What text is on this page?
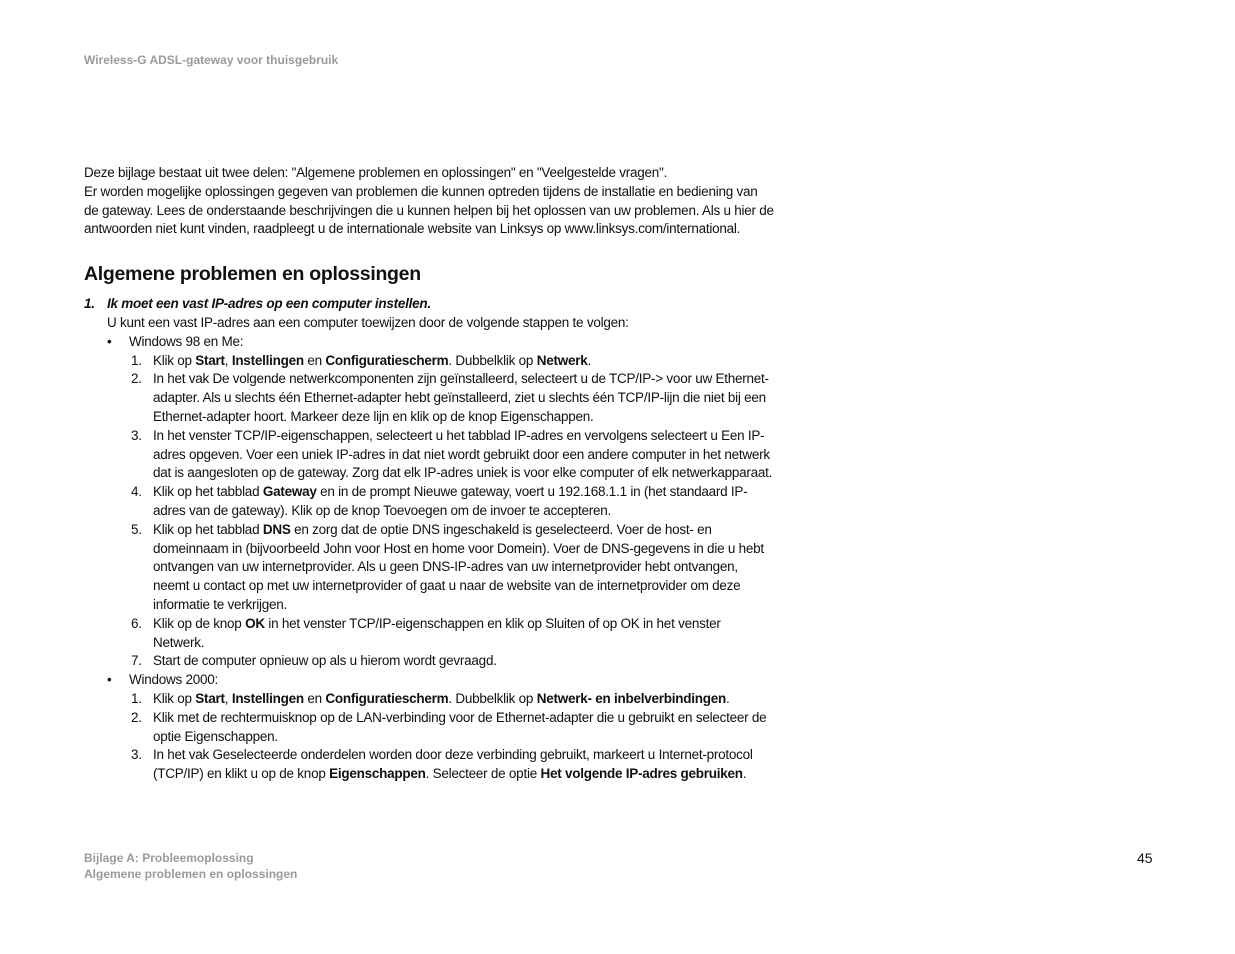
Wireless-G ADSL-gateway voor thuisgebruik

Deze bijlage bestaat uit twee delen: "Algemene problemen en oplossingen" en "Veelgestelde vragen".

Er worden mogelijke oplossingen gegeven van problemen die kunnen optreden tijdens de installatie en bediening van de gateway. Lees de onderstaande beschrijvingen die u kunnen helpen bij het oplossen van uw problemen. Als u hier de antwoorden niet kunt vinden, raadpleegt u de internationale website van Linksys op www.linksys.com/international.

Algemene problemen en oplossingen
1. Ik moet een vast IP-adres op een computer instellen.
U kunt een vast IP-adres aan een computer toewijzen door de volgende stappen te volgen:
• Windows 98 en Me:
1. Klik op Start, Instellingen en Configuratiescherm. Dubbelklik op Netwerk.
2. In het vak De volgende netwerkcomponenten zijn geïnstalleerd, selecteert u de TCP/IP-> voor uw Ethernet-adapter. Als u slechts één Ethernet-adapter hebt geïnstalleerd, ziet u slechts één TCP/IP-lijn die niet bij een Ethernet-adapter hoort. Markeer deze lijn en klik op de knop Eigenschappen.
3. In het venster TCP/IP-eigenschappen, selecteert u het tabblad IP-adres en vervolgens selecteert u Een IP-adres opgeven. Voer een uniek IP-adres in dat niet wordt gebruikt door een andere computer in het netwerk dat is aangesloten op de gateway. Zorg dat elk IP-adres uniek is voor elke computer of elk netwerkapparaat.
4. Klik op het tabblad Gateway en in de prompt Nieuwe gateway, voert u 192.168.1.1 in (het standaard IP-adres van de gateway). Klik op de knop Toevoegen om de invoer te accepteren.
5. Klik op het tabblad DNS en zorg dat de optie DNS ingeschakeld is geselecteerd. Voer de host- en domeinnaam in (bijvoorbeeld John voor Host en home voor Domein). Voer de DNS-gegevens in die u hebt ontvangen van uw internetprovider. Als u geen DNS-IP-adres van uw internetprovider hebt ontvangen, neemt u contact op met uw internetprovider of gaat u naar de website van de internetprovider om deze informatie te verkrijgen.
6. Klik op de knop OK in het venster TCP/IP-eigenschappen en klik op Sluiten of op OK in het venster Netwerk.
7. Start de computer opnieuw op als u hierom wordt gevraagd.
• Windows 2000:
1. Klik op Start, Instellingen en Configuratiescherm. Dubbelklik op Netwerk- en inbelverbindingen.
2. Klik met de rechtermuisknop op de LAN-verbinding voor de Ethernet-adapter die u gebruikt en selecteer de optie Eigenschappen.
3. In het vak Geselecteerde onderdelen worden door deze verbinding gebruikt, markeert u Internet-protocol (TCP/IP) en klikt u op de knop Eigenschappen. Selecteer de optie Het volgende IP-adres gebruiken.
Bijlage A: Probleemoplossing
Algemene problemen en oplossingen
45
